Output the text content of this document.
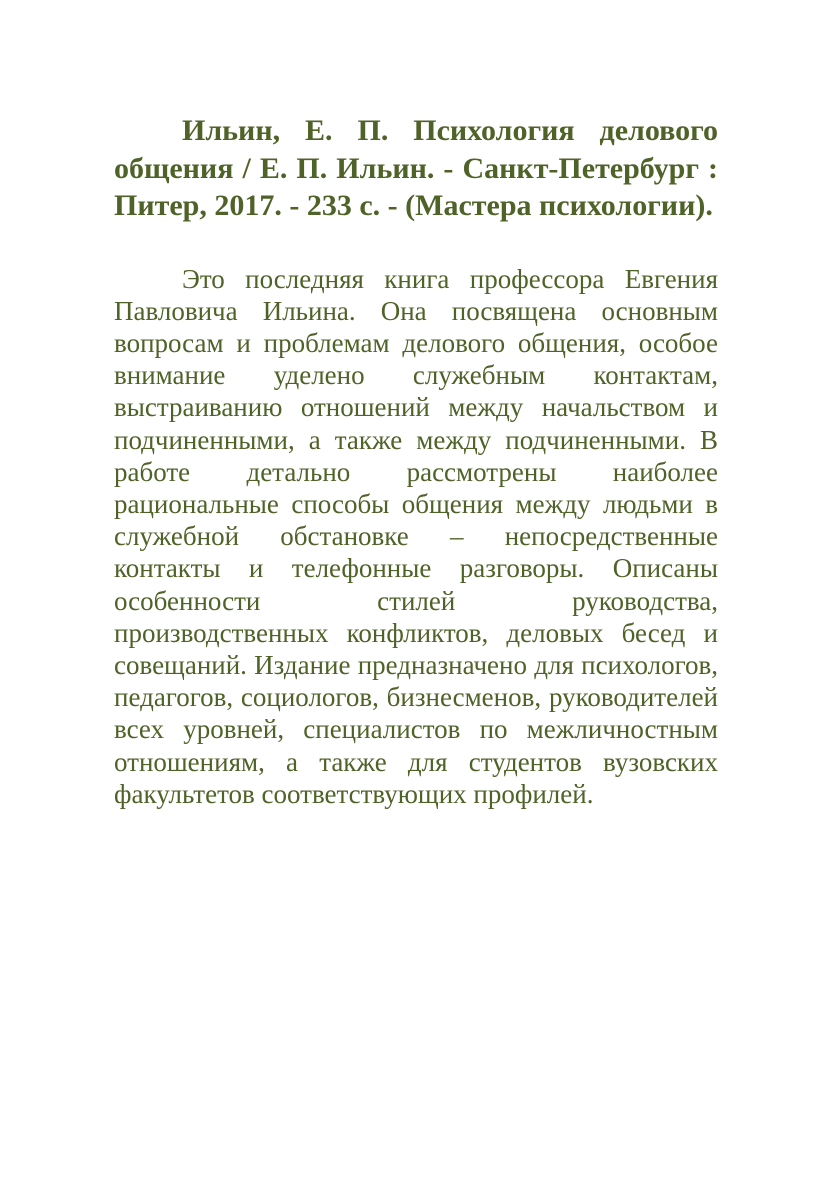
Ильин, Е. П. Психология делового общения / Е. П. Ильин. - Санкт-Петербург : Питер, 2017. - 233 с. - (Мастера психологии).

Это последняя книга профессора Евгения Павловича Ильина. Она посвящена основным вопросам и проблемам делового общения, особое внимание уделено служебным контактам, выстраиванию отношений между начальством и подчиненными, а также между подчиненными. В работе детально рассмотрены наиболее рациональные способы общения между людьми в служебной обстановке – непосредственные контакты и телефонные разговоры. Описаны особенности стилей руководства, производственных конфликтов, деловых бесед и совещаний. Издание предназначено для психологов, педагогов, социологов, бизнесменов, руководителей всех уровней, специалистов по межличностным отношениям, а также для студентов вузовских факультетов соответствующих профилей.
